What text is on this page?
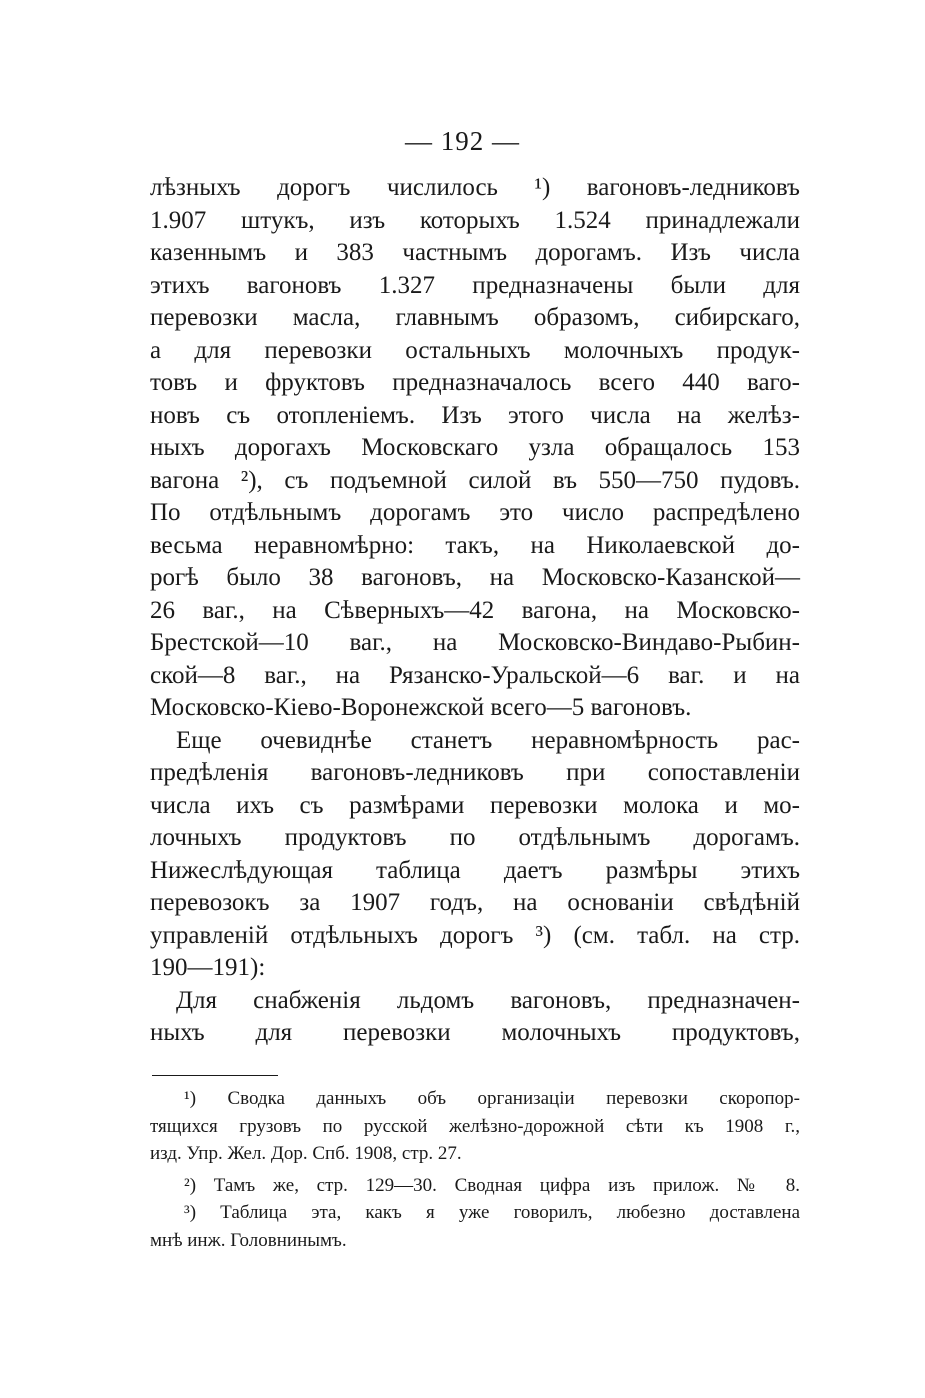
— 192 —
лѣзныхъ дорогъ числилось ¹) вагоновъ-ледниковъ
1.907 штукъ, изъ которыхъ 1.524 принадлежали
казеннымъ и 383 частнымъ дорогамъ. Изъ числа
этихъ вагоновъ 1.327 предназначены были для
перевозки масла, главнымъ образомъ, сибирскаго,
а для перевозки остальныхъ молочныхъ продук-
товъ и фруктовъ предназначалось всего 440 ваго-
новъ съ отопленіемъ. Изъ этого числа на желѣз-
ныхъ дорогахъ Московскаго узла обращалось 153
вагона ²), съ подъемной силой въ 550—750 пудовъ.
По отдѣльнымъ дорогамъ это число распредѣлено
весьма неравномѣрно: такъ, на Николаевской до-
рогѣ было 38 вагоновъ, на Московско-Казанской—
26 ваг., на Сѣверныхъ—42 вагона, на Московско-
Брестской—10 ваг., на Московско-Виндаво-Рыбин-
ской—8 ваг., на Рязанско-Уральской—6 ваг. и на
Московско-Кіево-Воронежской всего—5 вагоновъ.
Еще очевиднѣе станетъ неравномѣрность рас-
предѣленія вагоновъ-ледниковъ при сопоставленіи
числа ихъ съ размѣрами перевозки молока и мо-
лочныхъ продуктовъ по отдѣльнымъ дорогамъ.
Нижеслѣдующая таблица даетъ размѣры этихъ
перевозокъ за 1907 годъ, на основаніи свѣдѣній
управленій отдѣльныхъ дорогъ ³) (см. табл. на стр.
190—191):
Для снабженія льдомъ вагоновъ, предназначен-
ныхъ для перевозки молочныхъ продуктовъ,
¹) Сводка данныхъ объ организаціи перевозки скоропор-
тящихся грузовъ по русской желѣзно-дорожной сѣти къ 1908 г.,
изд. Упр. Жел. Дор. Спб. 1908, стр. 27.
²) Тамъ же, стр. 129—30. Сводная цифра изъ прилож. № 8.
³) Таблица эта, какъ я уже говорилъ, любезно доставлена
мнѣ инж. Головнинымъ.
